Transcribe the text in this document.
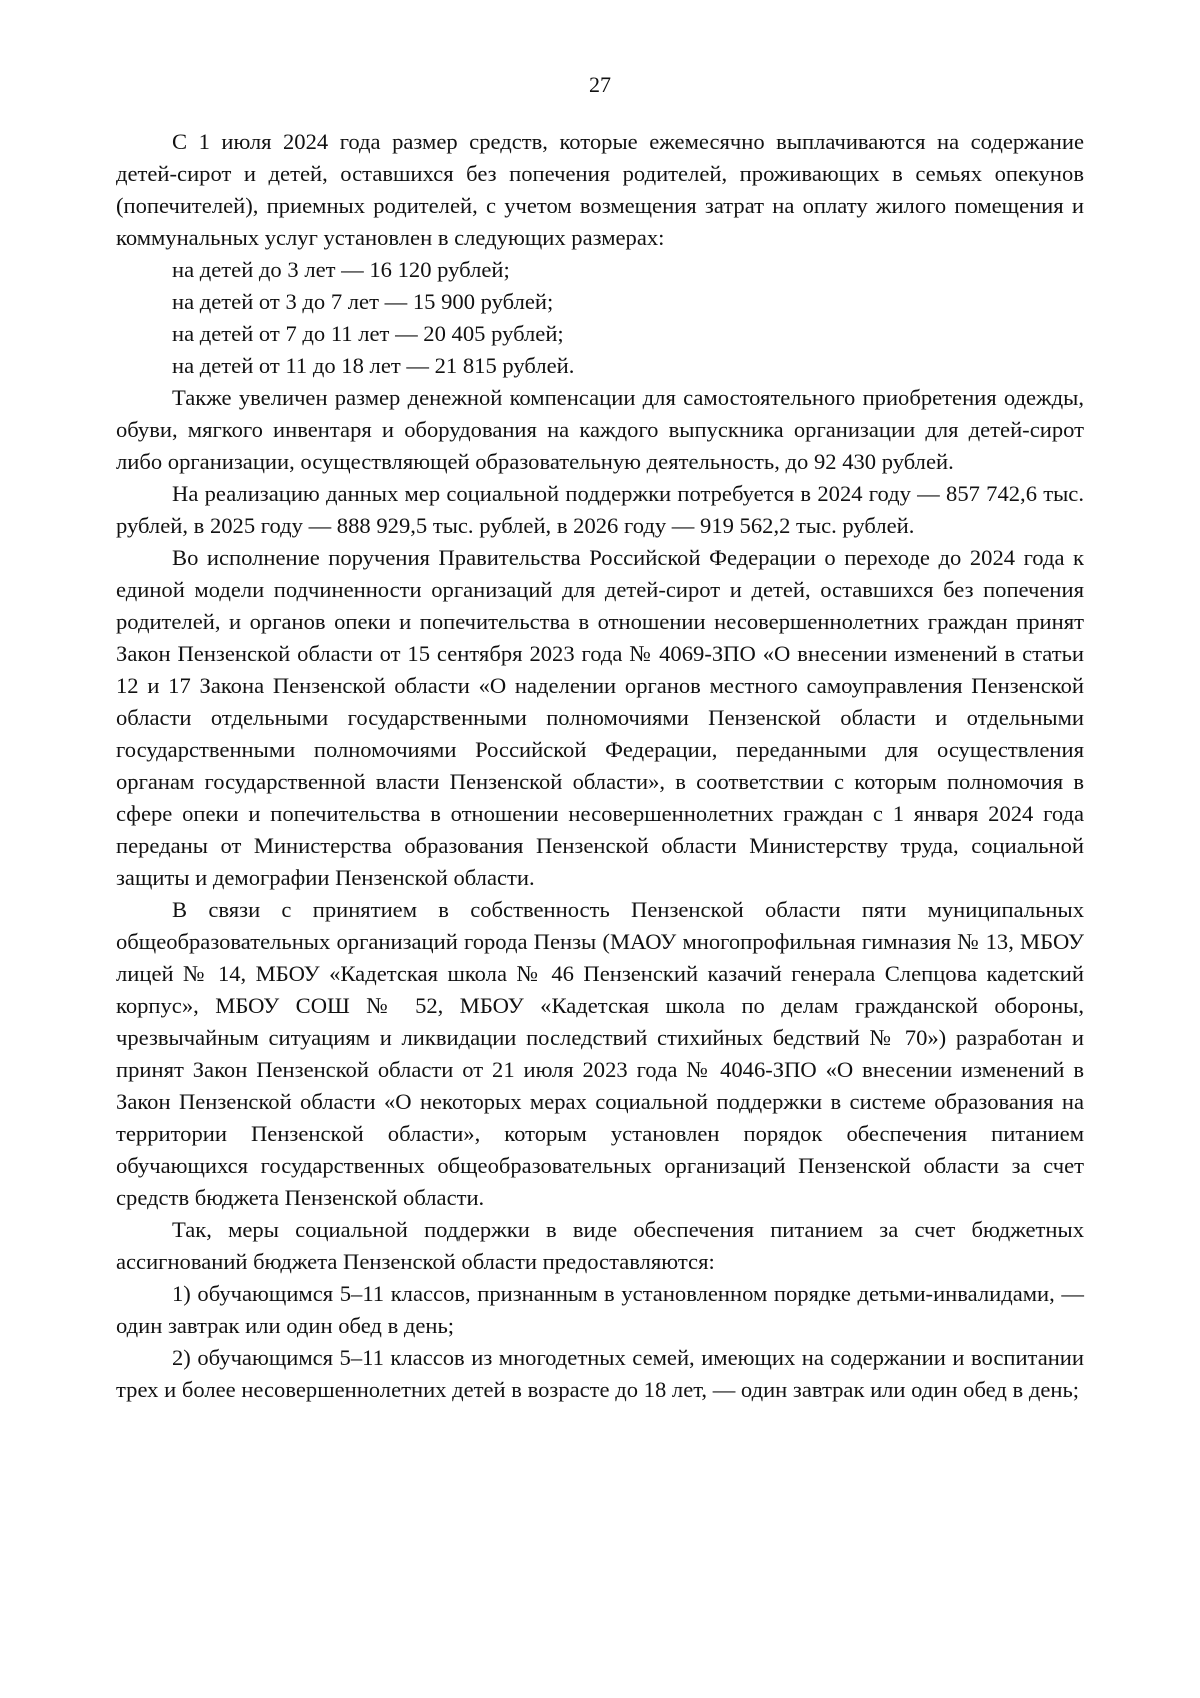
27

С 1 июля 2024 года размер средств, которые ежемесячно выплачиваются на содержание детей-сирот и детей, оставшихся без попечения родителей, проживающих в семьях опекунов (попечителей), приемных родителей, с учетом возмещения затрат на оплату жилого помещения и коммунальных услуг установлен в следующих размерах:

на детей до 3 лет — 16 120 рублей;

на детей от 3 до 7 лет — 15 900 рублей;

на детей от 7 до 11 лет — 20 405 рублей;

на детей от 11 до 18 лет — 21 815 рублей.

Также увеличен размер денежной компенсации для самостоятельного приобретения одежды, обуви, мягкого инвентаря и оборудования на каждого выпускника организации для детей-сирот либо организации, осуществляющей образовательную деятельность, до 92 430 рублей.

На реализацию данных мер социальной поддержки потребуется в 2024 году — 857 742,6 тыс. рублей, в 2025 году — 888 929,5 тыс. рублей, в 2026 году — 919 562,2 тыс. рублей.

Во исполнение поручения Правительства Российской Федерации о переходе до 2024 года к единой модели подчиненности организаций для детей-сирот и детей, оставшихся без попечения родителей, и органов опеки и попечительства в отношении несовершеннолетних граждан принят Закон Пензенской области от 15 сентября 2023 года № 4069-ЗПО «О внесении изменений в статьи 12 и 17 Закона Пензенской области «О наделении органов местного самоуправления Пензенской области отдельными государственными полномочиями Пензенской области и отдельными государственными полномочиями Российской Федерации, переданными для осуществления органам государственной власти Пензенской области», в соответствии с которым полномочия в сфере опеки и попечительства в отношении несовершеннолетних граждан с 1 января 2024 года переданы от Министерства образования Пензенской области Министерству труда, социальной защиты и демографии Пензенской области.

В связи с принятием в собственность Пензенской области пяти муниципальных общеобразовательных организаций города Пензы (МАОУ многопрофильная гимназия № 13, МБОУ лицей № 14, МБОУ «Кадетская школа № 46 Пензенский казачий генерала Слепцова кадетский корпус», МБОУ СОШ № 52, МБОУ «Кадетская школа по делам гражданской обороны, чрезвычайным ситуациям и ликвидации последствий стихийных бедствий № 70») разработан и принят Закон Пензенской области от 21 июля 2023 года № 4046-ЗПО «О внесении изменений в Закон Пензенской области «О некоторых мерах социальной поддержки в системе образования на территории Пензенской области», которым установлен порядок обеспечения питанием обучающихся государственных общеобразовательных организаций Пензенской области за счет средств бюджета Пензенской области.

Так, меры социальной поддержки в виде обеспечения питанием за счет бюджетных ассигнований бюджета Пензенской области предоставляются:

1) обучающимся 5–11 классов, признанным в установленном порядке детьми-инвалидами, — один завтрак или один обед в день;

2) обучающимся 5–11 классов из многодетных семей, имеющих на содержании и воспитании трех и более несовершеннолетних детей в возрасте до 18 лет, — один завтрак или один обед в день;
